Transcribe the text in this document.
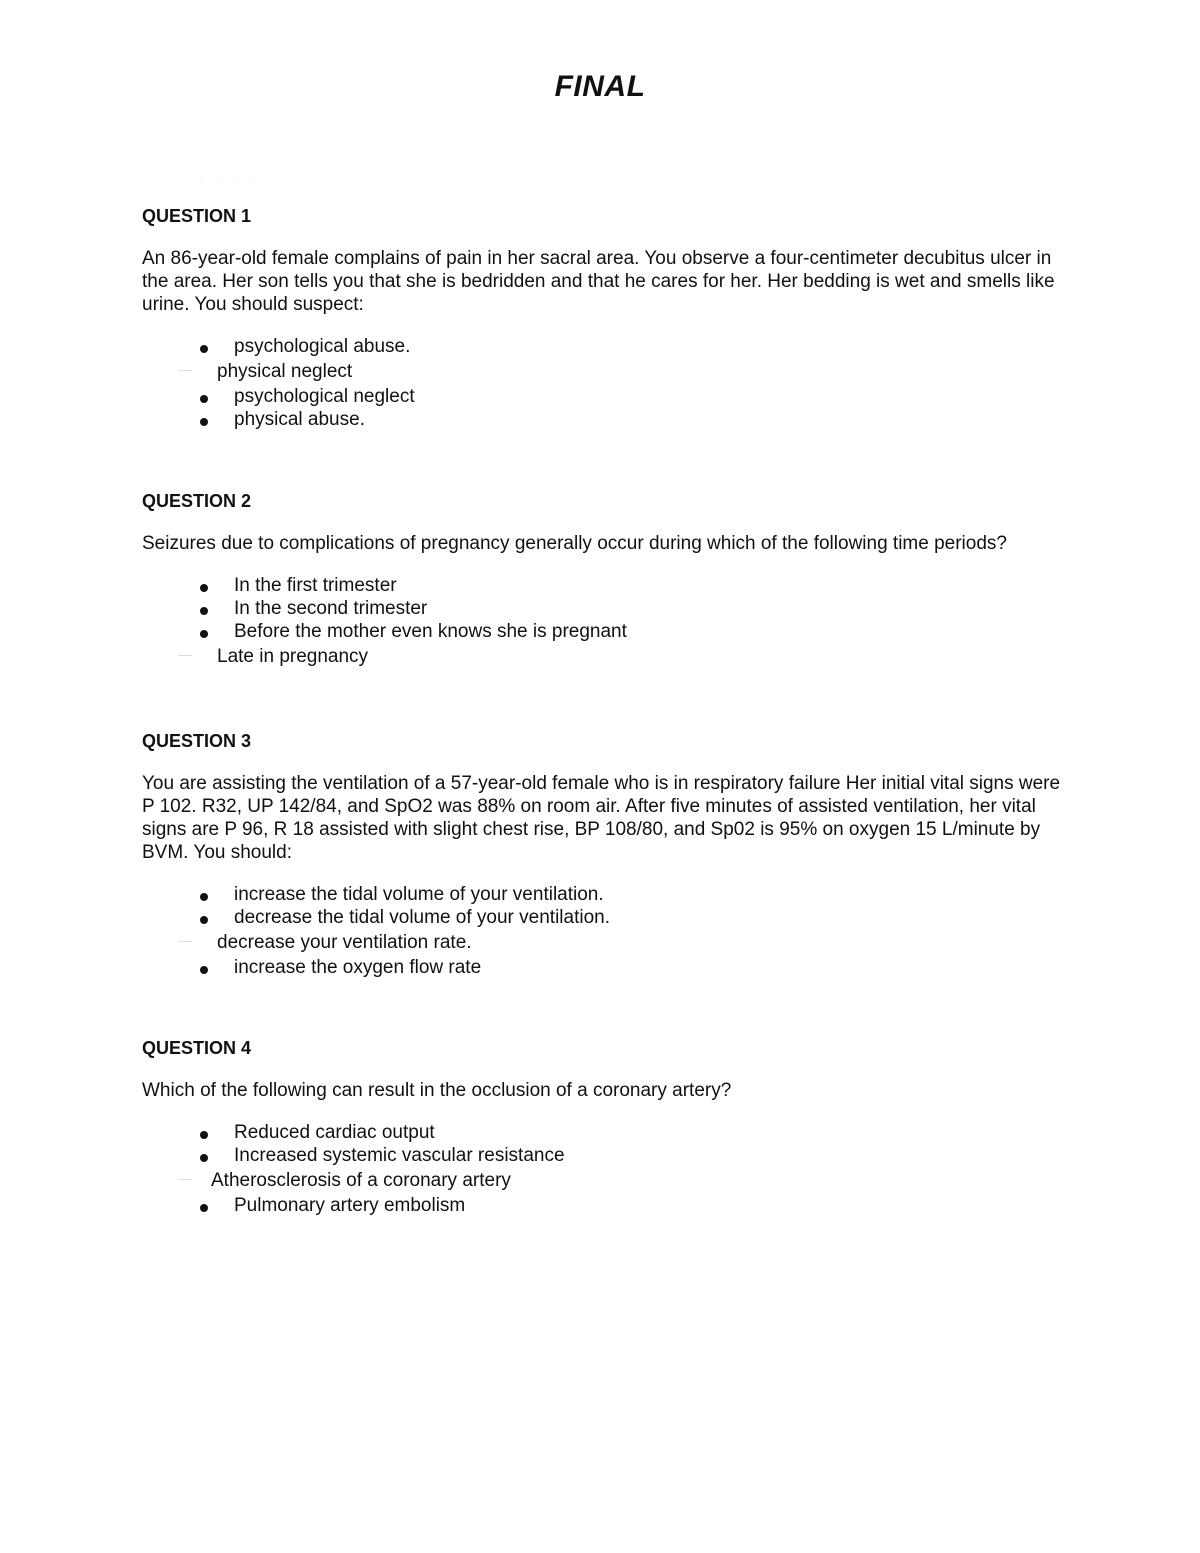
FINAL
· · · ·
QUESTION 1
An 86-year-old female complains of pain in her sacral area. You observe a four-centimeter decubitus ulcer in the area. Her son tells you that she is bedridden and that he cares for her. Her bedding is wet and smells like urine. You should suspect:
psychological abuse.
physical neglect
psychological neglect
physical abuse.
QUESTION 2
Seizures due to complications of pregnancy generally occur during which of the following time periods?
In the first trimester
In the second trimester
Before the mother even knows she is pregnant
Late in pregnancy
QUESTION 3
You are assisting the ventilation of a 57-year-old female who is in respiratory failure Her initial vital signs were P 102. R32, UP 142/84, and SpO2 was 88% on room air. After five minutes of assisted ventilation, her vital signs are P 96, R 18 assisted with slight chest rise, BP 108/80, and Sp02 is 95% on oxygen 15 L/minute by BVM. You should:
increase the tidal volume of your ventilation.
decrease the tidal volume of your ventilation.
decrease your ventilation rate.
increase the oxygen flow rate
QUESTION 4
Which of the following can result in the occlusion of a coronary artery?
Reduced cardiac output
Increased systemic vascular resistance
Atherosclerosis of a coronary artery
Pulmonary artery embolism
